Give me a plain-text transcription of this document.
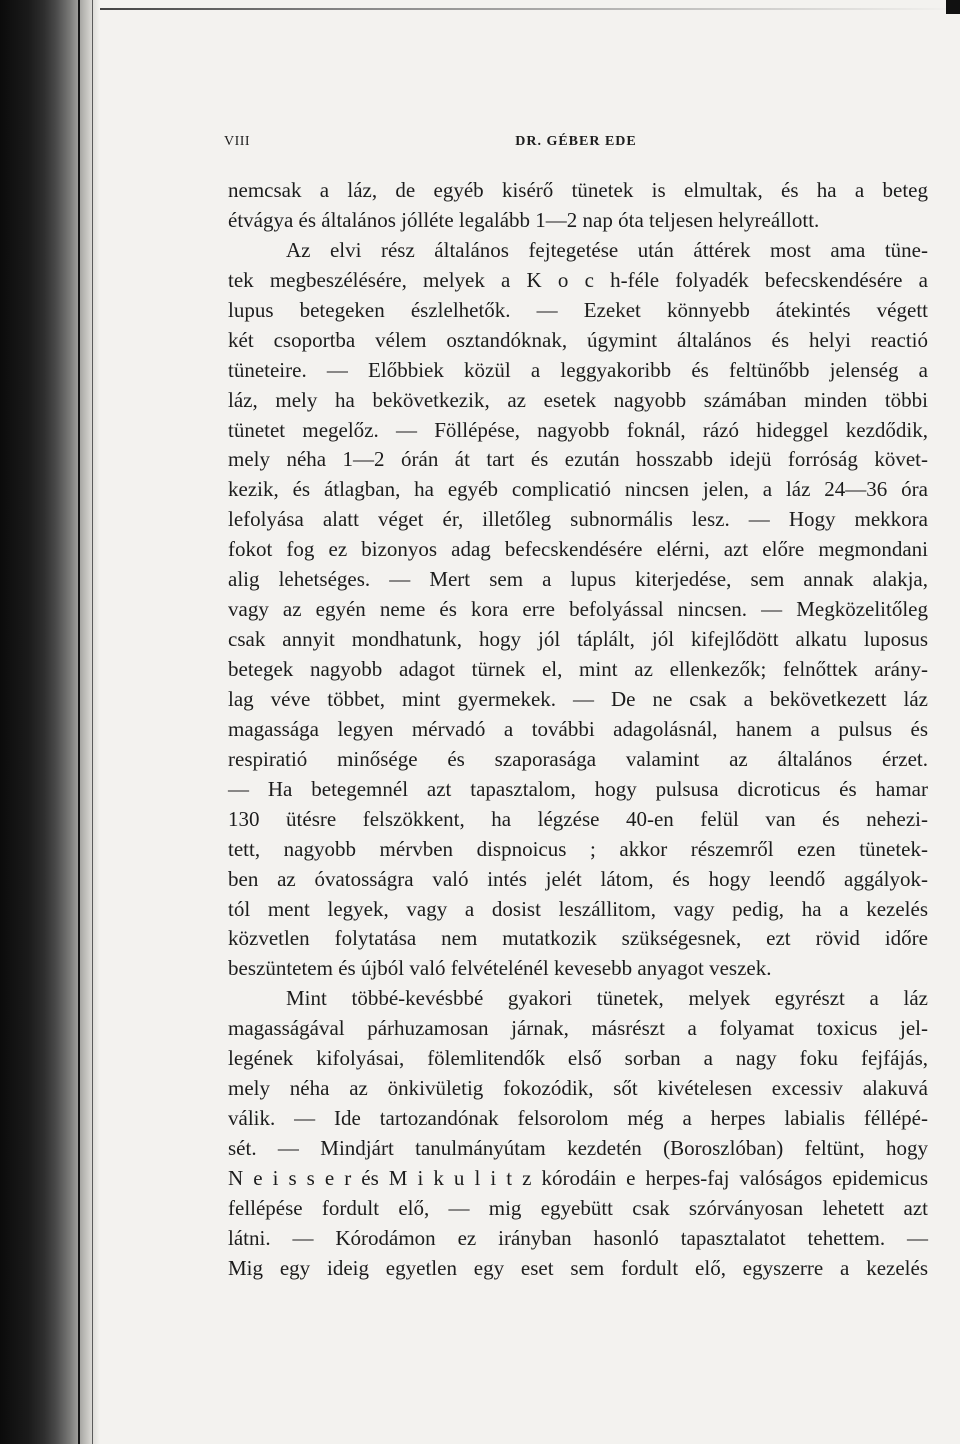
VIII	DR. GÉBER EDE
nemcsak a láz, de egyéb kisérő tünetek is elmultak, és ha a beteg
étvágya és általános jólléte legalább 1—2 nap óta teljesen helyreállott.
Az elvi rész általános fejtegetése után áttérek most ama tüne-
tek megbeszélésére, melyek a K o c h-féle folyadék befecskendésére a
lupus betegeken észlelhetők. — Ezeket könnyebb átekintés végett
két csoportba vélem osztandóknak, úgymint általános és helyi reactió
tüneteire. — Előbbiek közül a leggyakoribb és feltünőbb jelenség a
láz, mely ha bekövetkezik, az esetek nagyobb számában minden többi
tünetet megelőz. — Föllépése, nagyobb foknál, rázó hideggel kezdődik,
mely néha 1—2 órán át tart és ezután hosszabb idejü forróság követ-
kezik, és átlagban, ha egyéb complicatió nincsen jelen, a láz 24—36 óra
lefolyása alatt véget ér, illetőleg subnormális lesz. — Hogy mekkora
fokot fog ez bizonyos adag befecskendésére elérni, azt előre megmondani
alig lehetséges. — Mert sem a lupus kiterjedése, sem annak alakja,
vagy az egyén neme és kora erre befolyással nincsen. — Megközelitőleg
csak annyit mondhatunk, hogy jól táplált, jól kifejlődött alkatu luposus
betegek nagyobb adagot türnek el, mint az ellenkezők; felnőttek arány-
lag véve többet, mint gyermekek. — De ne csak a bekövetkezett láz
magassága legyen mérvadó a további adagolásnál, hanem a pulsus és
respiratió minősége és szaporasága valamint az általános érzet.
— Ha betegemnél azt tapasztalom, hogy pulsusa dicroticus és hamar
130 ütésre felszökkent, ha légzése 40-en felül van és nehezi-
tett, nagyobb mérvben dispnoicus ; akkor részemről ezen tünetek-
ben az óvatosságra való intés jelét látom, és hogy leendő aggályok-
tól ment legyek, vagy a dosist leszállitom, vagy pedig, ha a kezelés
közvetlen folytatása nem mutatkozik szükségesnek, ezt rövid időre
beszüntetem és újból való felvételénél kevesebb anyagot veszek.
Mint többé-kevésbbé gyakori tünetek, melyek egyrészt a láz
magasságával párhuzamosan járnak, másrészt a folyamat toxicus jel-
legének kifolyásai, fölemlitendők első sorban a nagy foku fejfájás,
mely néha az önkivületig fokozódik, sőt kivételesen excessiv alakuvá
válik. — Ide tartozandónak felsorolom még a herpes labialis féllépé-
sét. — Mindjárt tanulmányútam kezdetén (Boroszlóban) feltünt, hogy
N e i s s e r és M i k u l i t z kórodáin e herpes-faj valóságos epidemicus
fellépése fordult elő, — mig egyebütt csak szórványosan lehetett azt
látni. — Kórodámon ez irányban hasonló tapasztalatot tehettem. —
Mig egy ideig egyetlen egy eset sem fordult elő, egyszerre a kezelés
